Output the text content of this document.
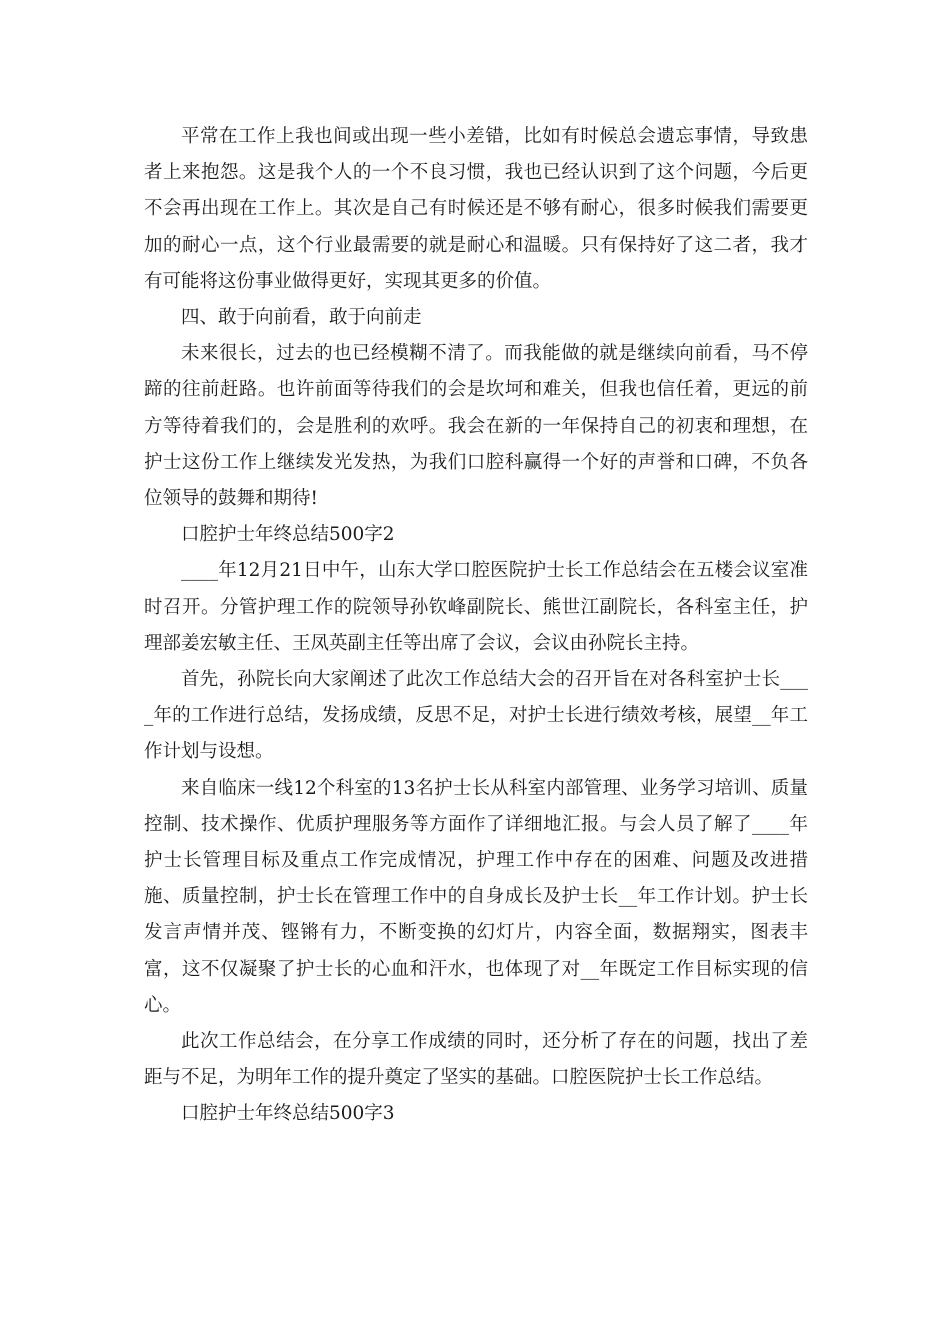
平常在工作上我也间或出现一些小差错，比如有时候总会遗忘事情，导致患者上来抱怨。这是我个人的一个不良习惯，我也已经认识到了这个问题，今后更不会再出现在工作上。其次是自己有时候还是不够有耐心，很多时候我们需要更加的耐心一点，这个行业最需要的就是耐心和温暖。只有保持好了这二者，我才有可能将这份事业做得更好，实现其更多的价值。

四、敢于向前看，敢于向前走

未来很长，过去的也已经模糊不清了。而我能做的就是继续向前看，马不停蹄的往前赶路。也许前面等待我们的会是坎坷和难关，但我也信任着，更远的前方等待着我们的，会是胜利的欢呼。我会在新的一年保持自己的初衷和理想，在护士这份工作上继续发光发热，为我们口腔科赢得一个好的声誉和口碑，不负各位领导的鼓舞和期待!

口腔护士年终总结500字2

____年12月21日中午，山东大学口腔医院护士长工作总结会在五楼会议室准时召开。分管护理工作的院领导孙钦峰副院长、熊世江副院长，各科室主任，护理部姜宏敏主任、王凤英副主任等出席了会议，会议由孙院长主持。

首先，孙院长向大家阐述了此次工作总结大会的召开旨在对各科室护士长____年的工作进行总结，发扬成绩，反思不足，对护士长进行绩效考核，展望__年工作计划与设想。

来自临床一线12个科室的13名护士长从科室内部管理、业务学习培训、质量控制、技术操作、优质护理服务等方面作了详细地汇报。与会人员了解了____年护士长管理目标及重点工作完成情况，护理工作中存在的困难、问题及改进措施、质量控制，护士长在管理工作中的自身成长及护士长__年工作计划。护士长发言声情并茂、铿锵有力，不断变换的幻灯片，内容全面，数据翔实，图表丰富，这不仅凝聚了护士长的心血和汗水，也体现了对__年既定工作目标实现的信心。

此次工作总结会，在分享工作成绩的同时，还分析了存在的问题，找出了差距与不足，为明年工作的提升奠定了坚实的基础。口腔医院护士长工作总结。

口腔护士年终总结500字3
